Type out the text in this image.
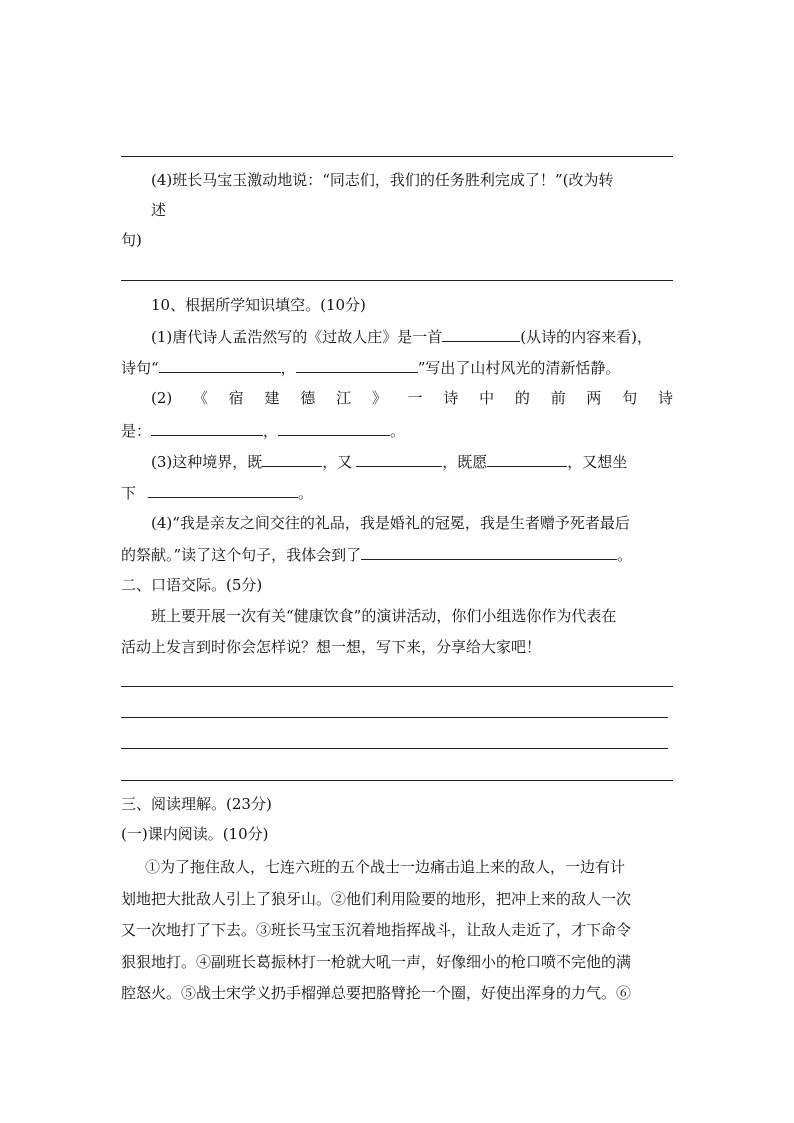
(4)班长马宝玉激动地说：“同志们，我们的任务胜利完成了！”(改为转
述
句)
10、根据所学知识填空。(10分)
(1)唐代诗人孟浩然写的《过故人庄》是一首	(从诗的内容来看)，
诗句“	，	”写出了山村风光的清新恬静。
(2) 《 宿 建 德 江 》 一 诗 中 的 前 两 句 诗
是：	，	。
(3)这种境界，既	，又	，既愿	，又想坐
下	。
(4)“我是亲友之间交往的礼品，我是婚礼的冠冕，我是生者赠予死者最后
的祭献。”读了这个句子，我体会到了	。
二、口语交际。(5分)
班上要开展一次有关“健康饮食”的演讲活动，你们小组选你作为代表在
活动上发言到时你会怎样说？想一想，写下来，分享给大家吧！
三、阅读理解。(23分)
(一)课内阅读。(10分)
①为了拖住敌人，七连六班的五个战士一边痛击追上来的敌人，一边有计
划地把大批敌人引上了狼牙山。②他们利用险要的地形，把冲上来的敌人一次
又一次地打了下去。③班长马宝玉沉着地指挥战斗，让敌人走近了，才下命令
狠狠地打。④副班长葛振林打一枪就大吼一声，好像细小的枪口喷不完他的满
腔怒火。⑤战士宋学义扔手榴弹总要把胳臂抡一个圈，好使出浑身的力气。⑥
